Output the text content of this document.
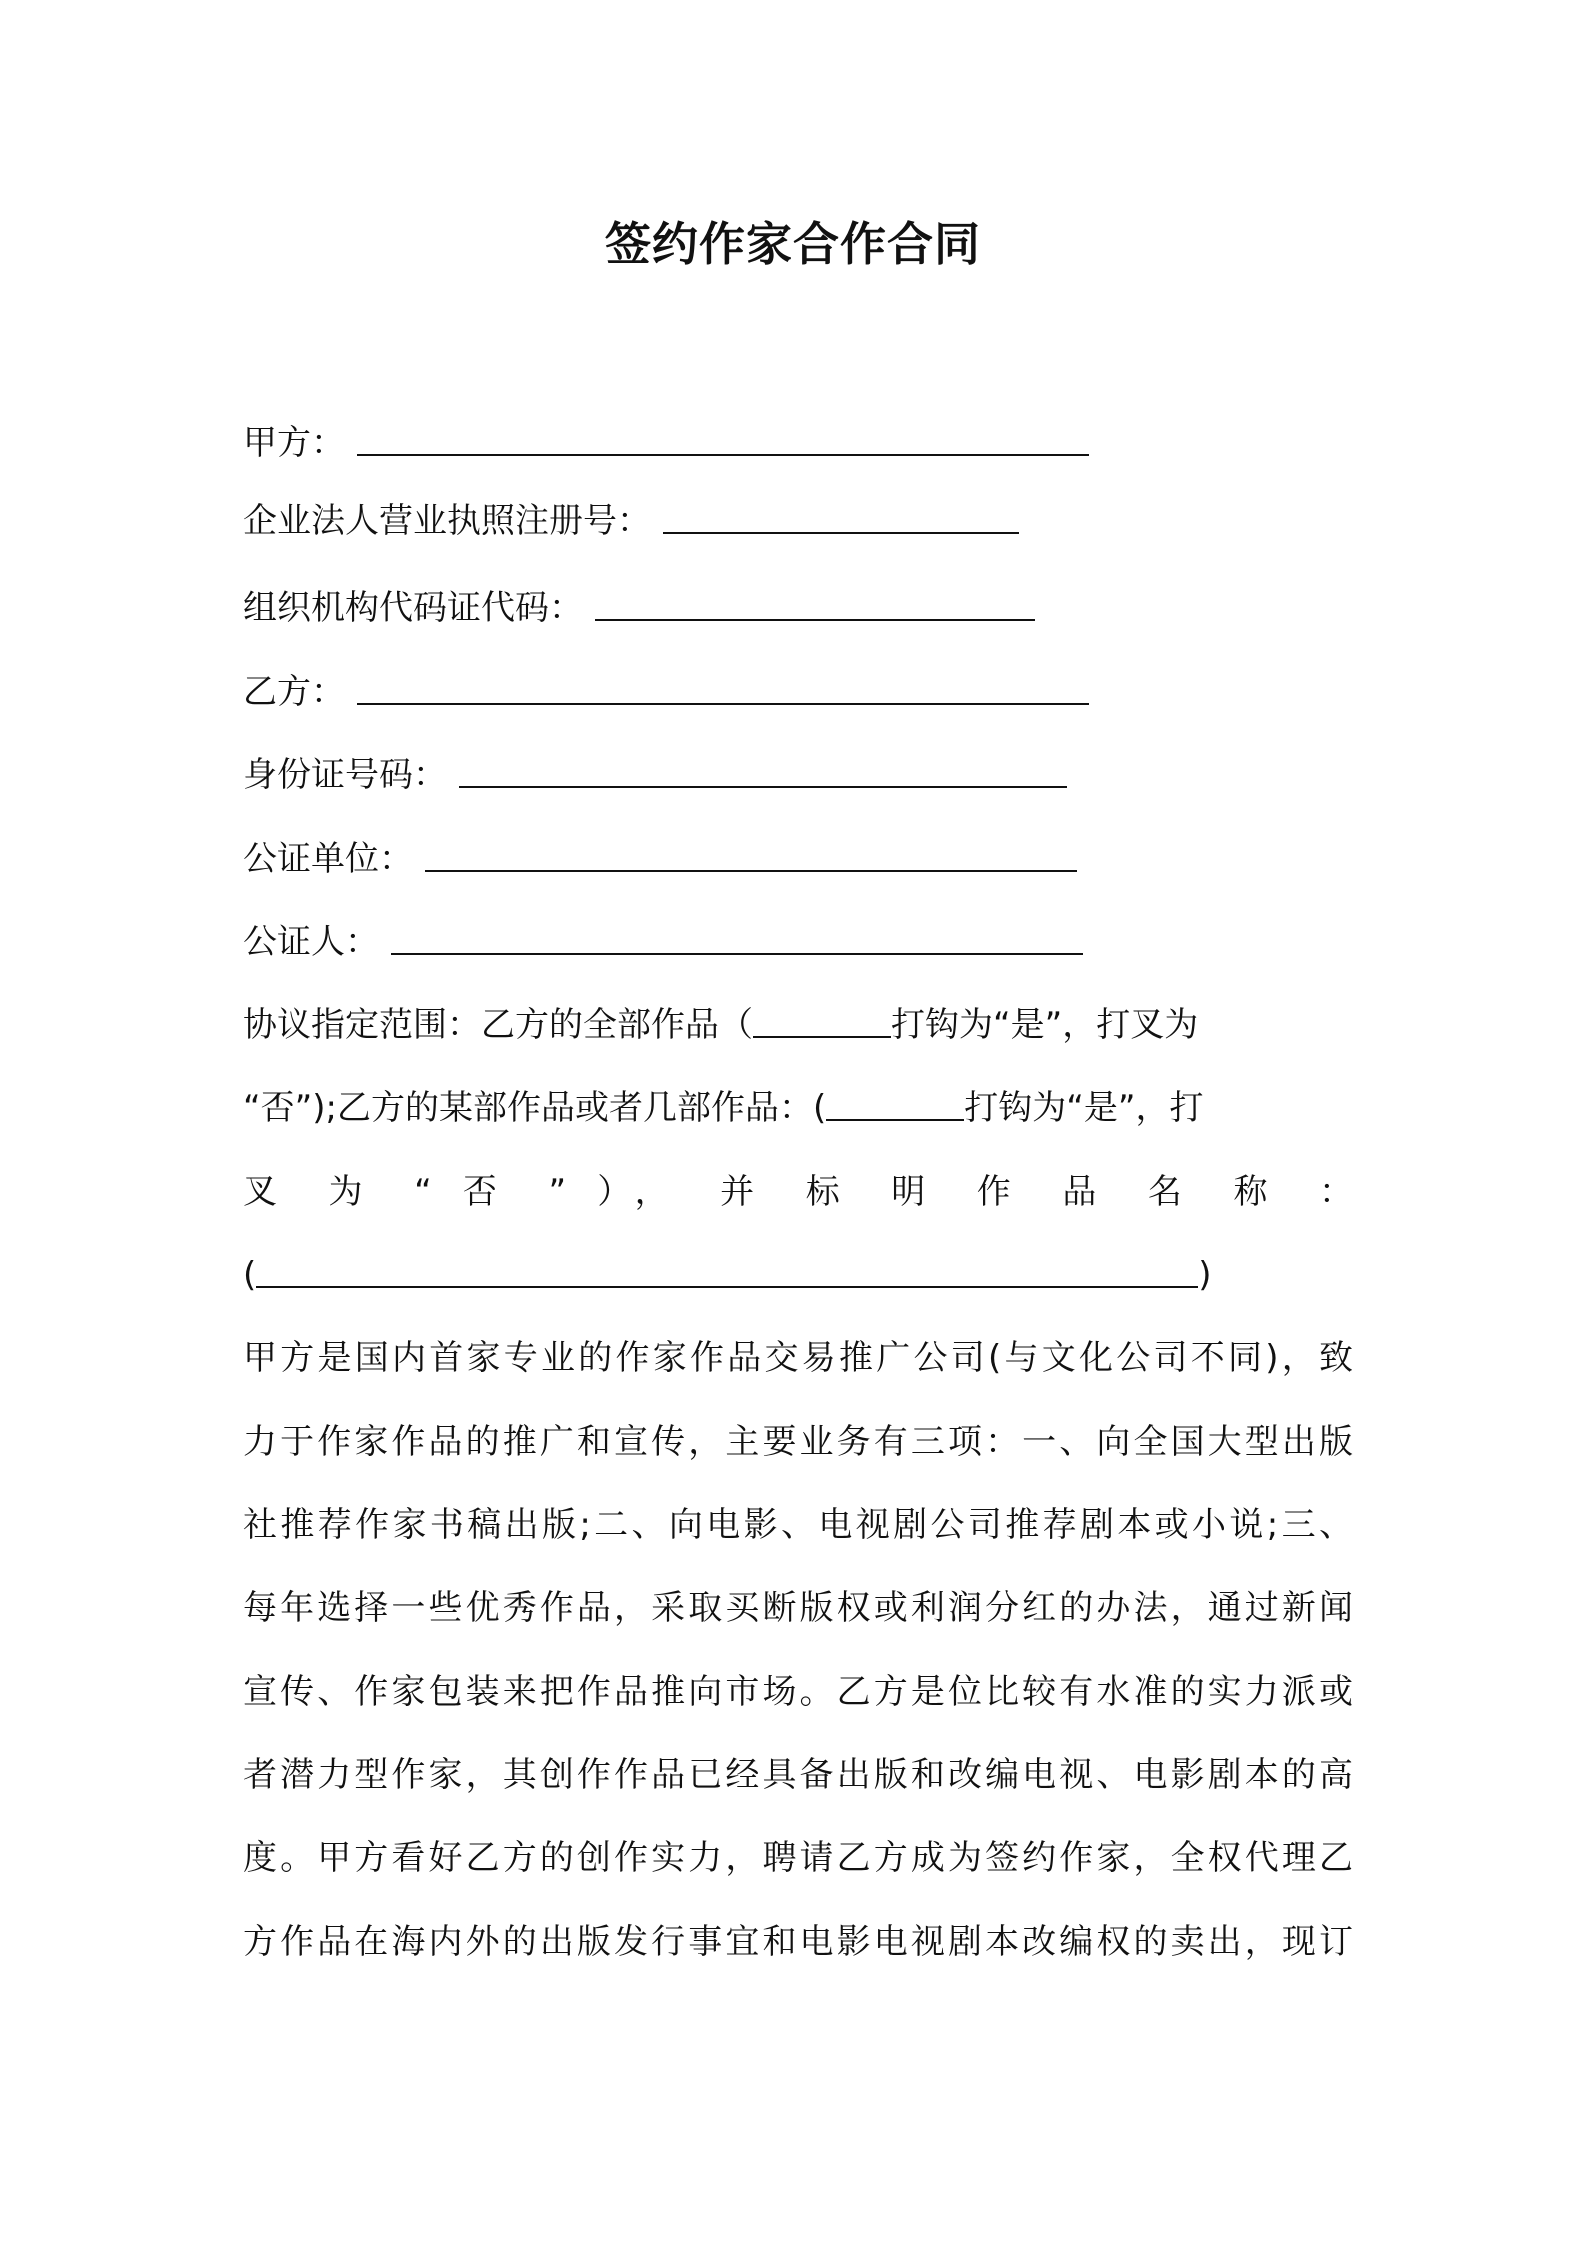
签约作家合作合同
甲方：
企业法人营业执照注册号：
组织机构代码证代码：
乙方：
身份证号码：
公证单位：
公证人：
协议指定范围：乙方的全部作品（	打钩为“是”，打叉为
“否”);乙方的某部作品或者几部作品：(	打钩为“是”，打
叉 为 “ 否 ” ）， 并 标 明 作 品 名 称 ：
(	)
甲方是国内首家专业的作家作品交易推广公司(与文化公司不同)，致
力于作家作品的推广和宣传，主要业务有三项：一、向全国大型出版
社推荐作家书稿出版;二、向电影、电视剧公司推荐剧本或小说;三、
每年选择一些优秀作品，采取买断版权或利润分红的办法，通过新闻
宣传、作家包装来把作品推向市场。乙方是位比较有水准的实力派或
者潜力型作家，其创作作品已经具备出版和改编电视、电影剧本的高
度。甲方看好乙方的创作实力，聘请乙方成为签约作家，全权代理乙
方作品在海内外的出版发行事宜和电影电视剧本改编权的卖出，现订
